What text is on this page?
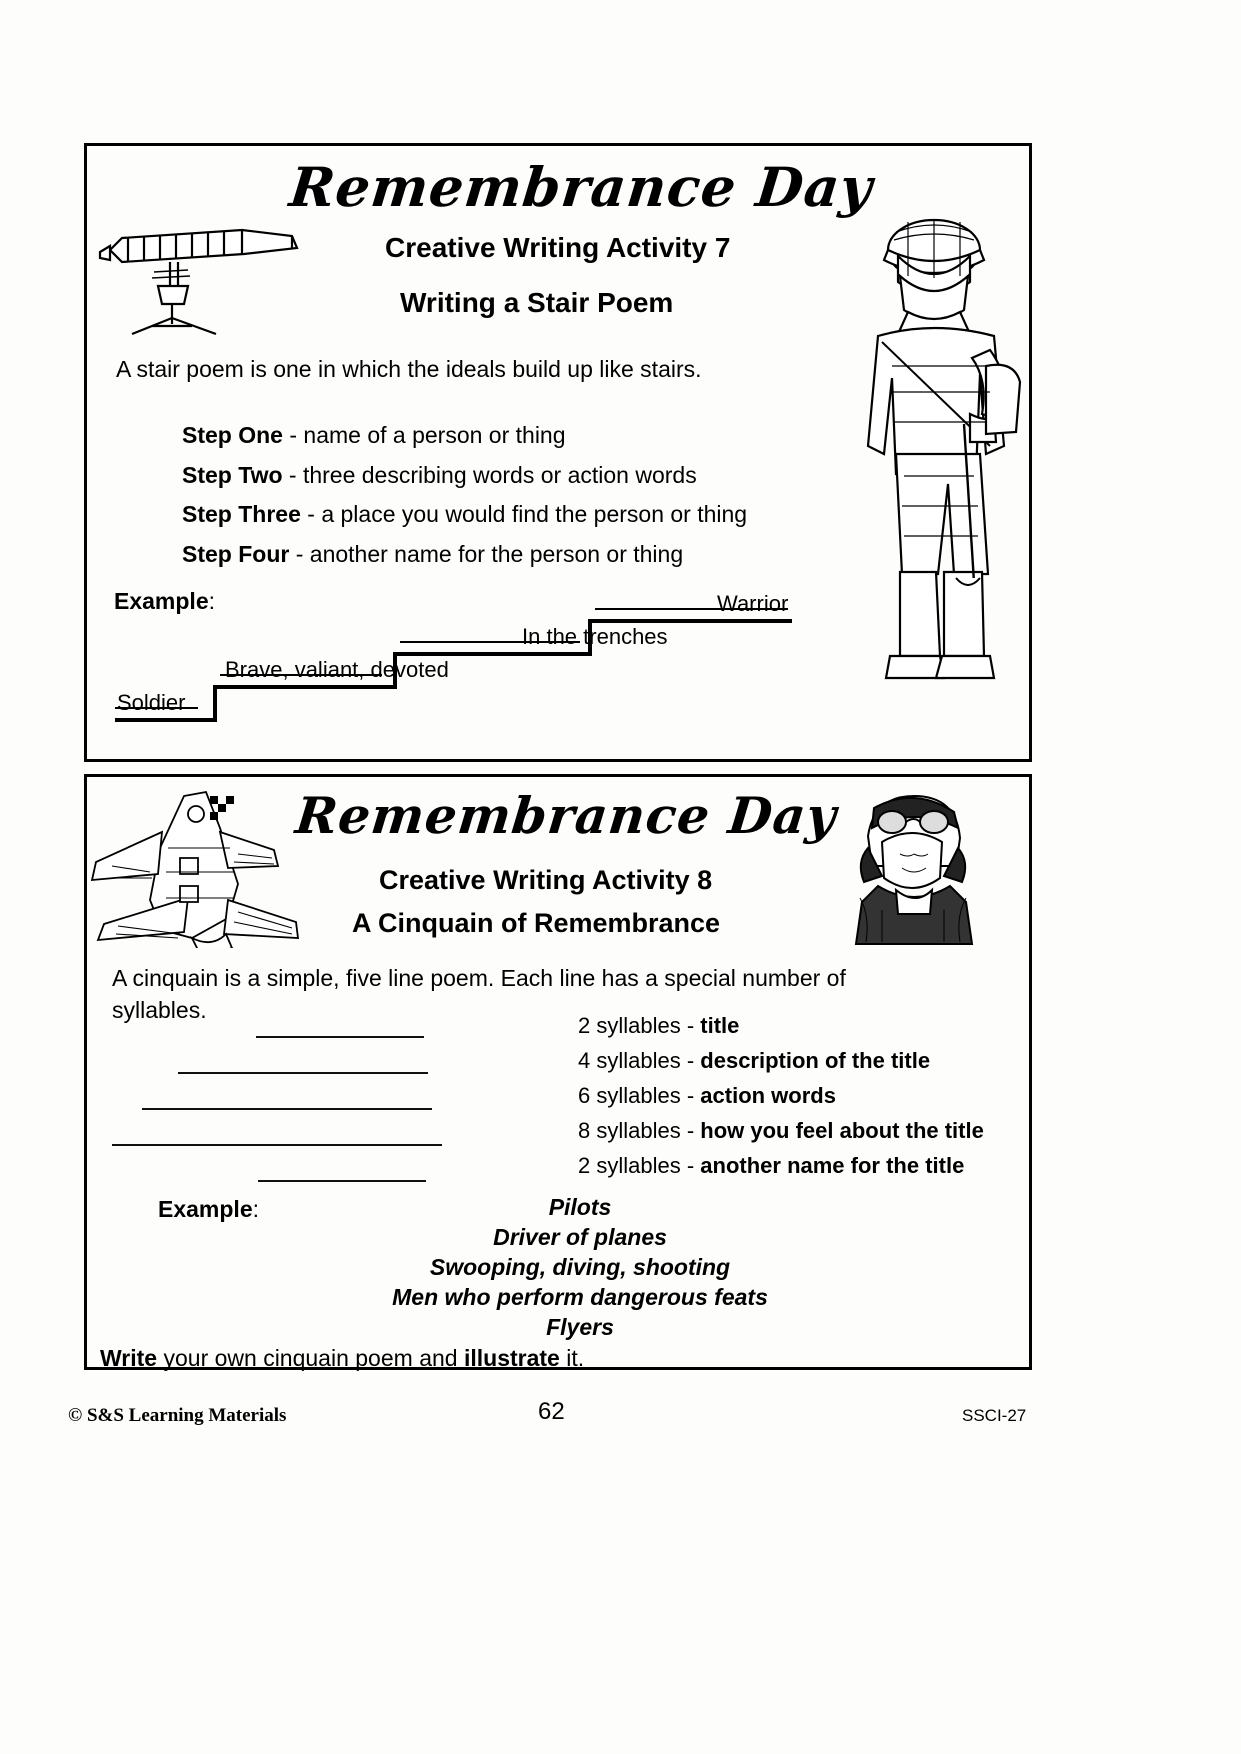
Remembrance Day
Creative Writing Activity 7
Writing a Stair Poem
A stair poem is one in which the ideals build up like stairs.
Step One - name of a person or thing
Step Two - three describing words or action words
Step Three - a place you would find the person or thing
Step Four - another name for the person or thing
Example:	Warrior
In the trenches
Brave, valiant, devoted
Soldier
Remembrance Day
Creative Writing Activity 8
A Cinquain of Remembrance
A cinquain is a simple, five line poem. Each line has a special number of syllables.
2 syllables - title
4 syllables - description of the title
6 syllables - action words
8 syllables - how you feel about the title
2 syllables - another name for the title
Example:	Pilots
Driver of planes
Swooping, diving, shooting
Men who perform dangerous feats
Flyers
Write your own cinquain poem and illustrate it.
© S&S Learning Materials	62	SSCI-27
